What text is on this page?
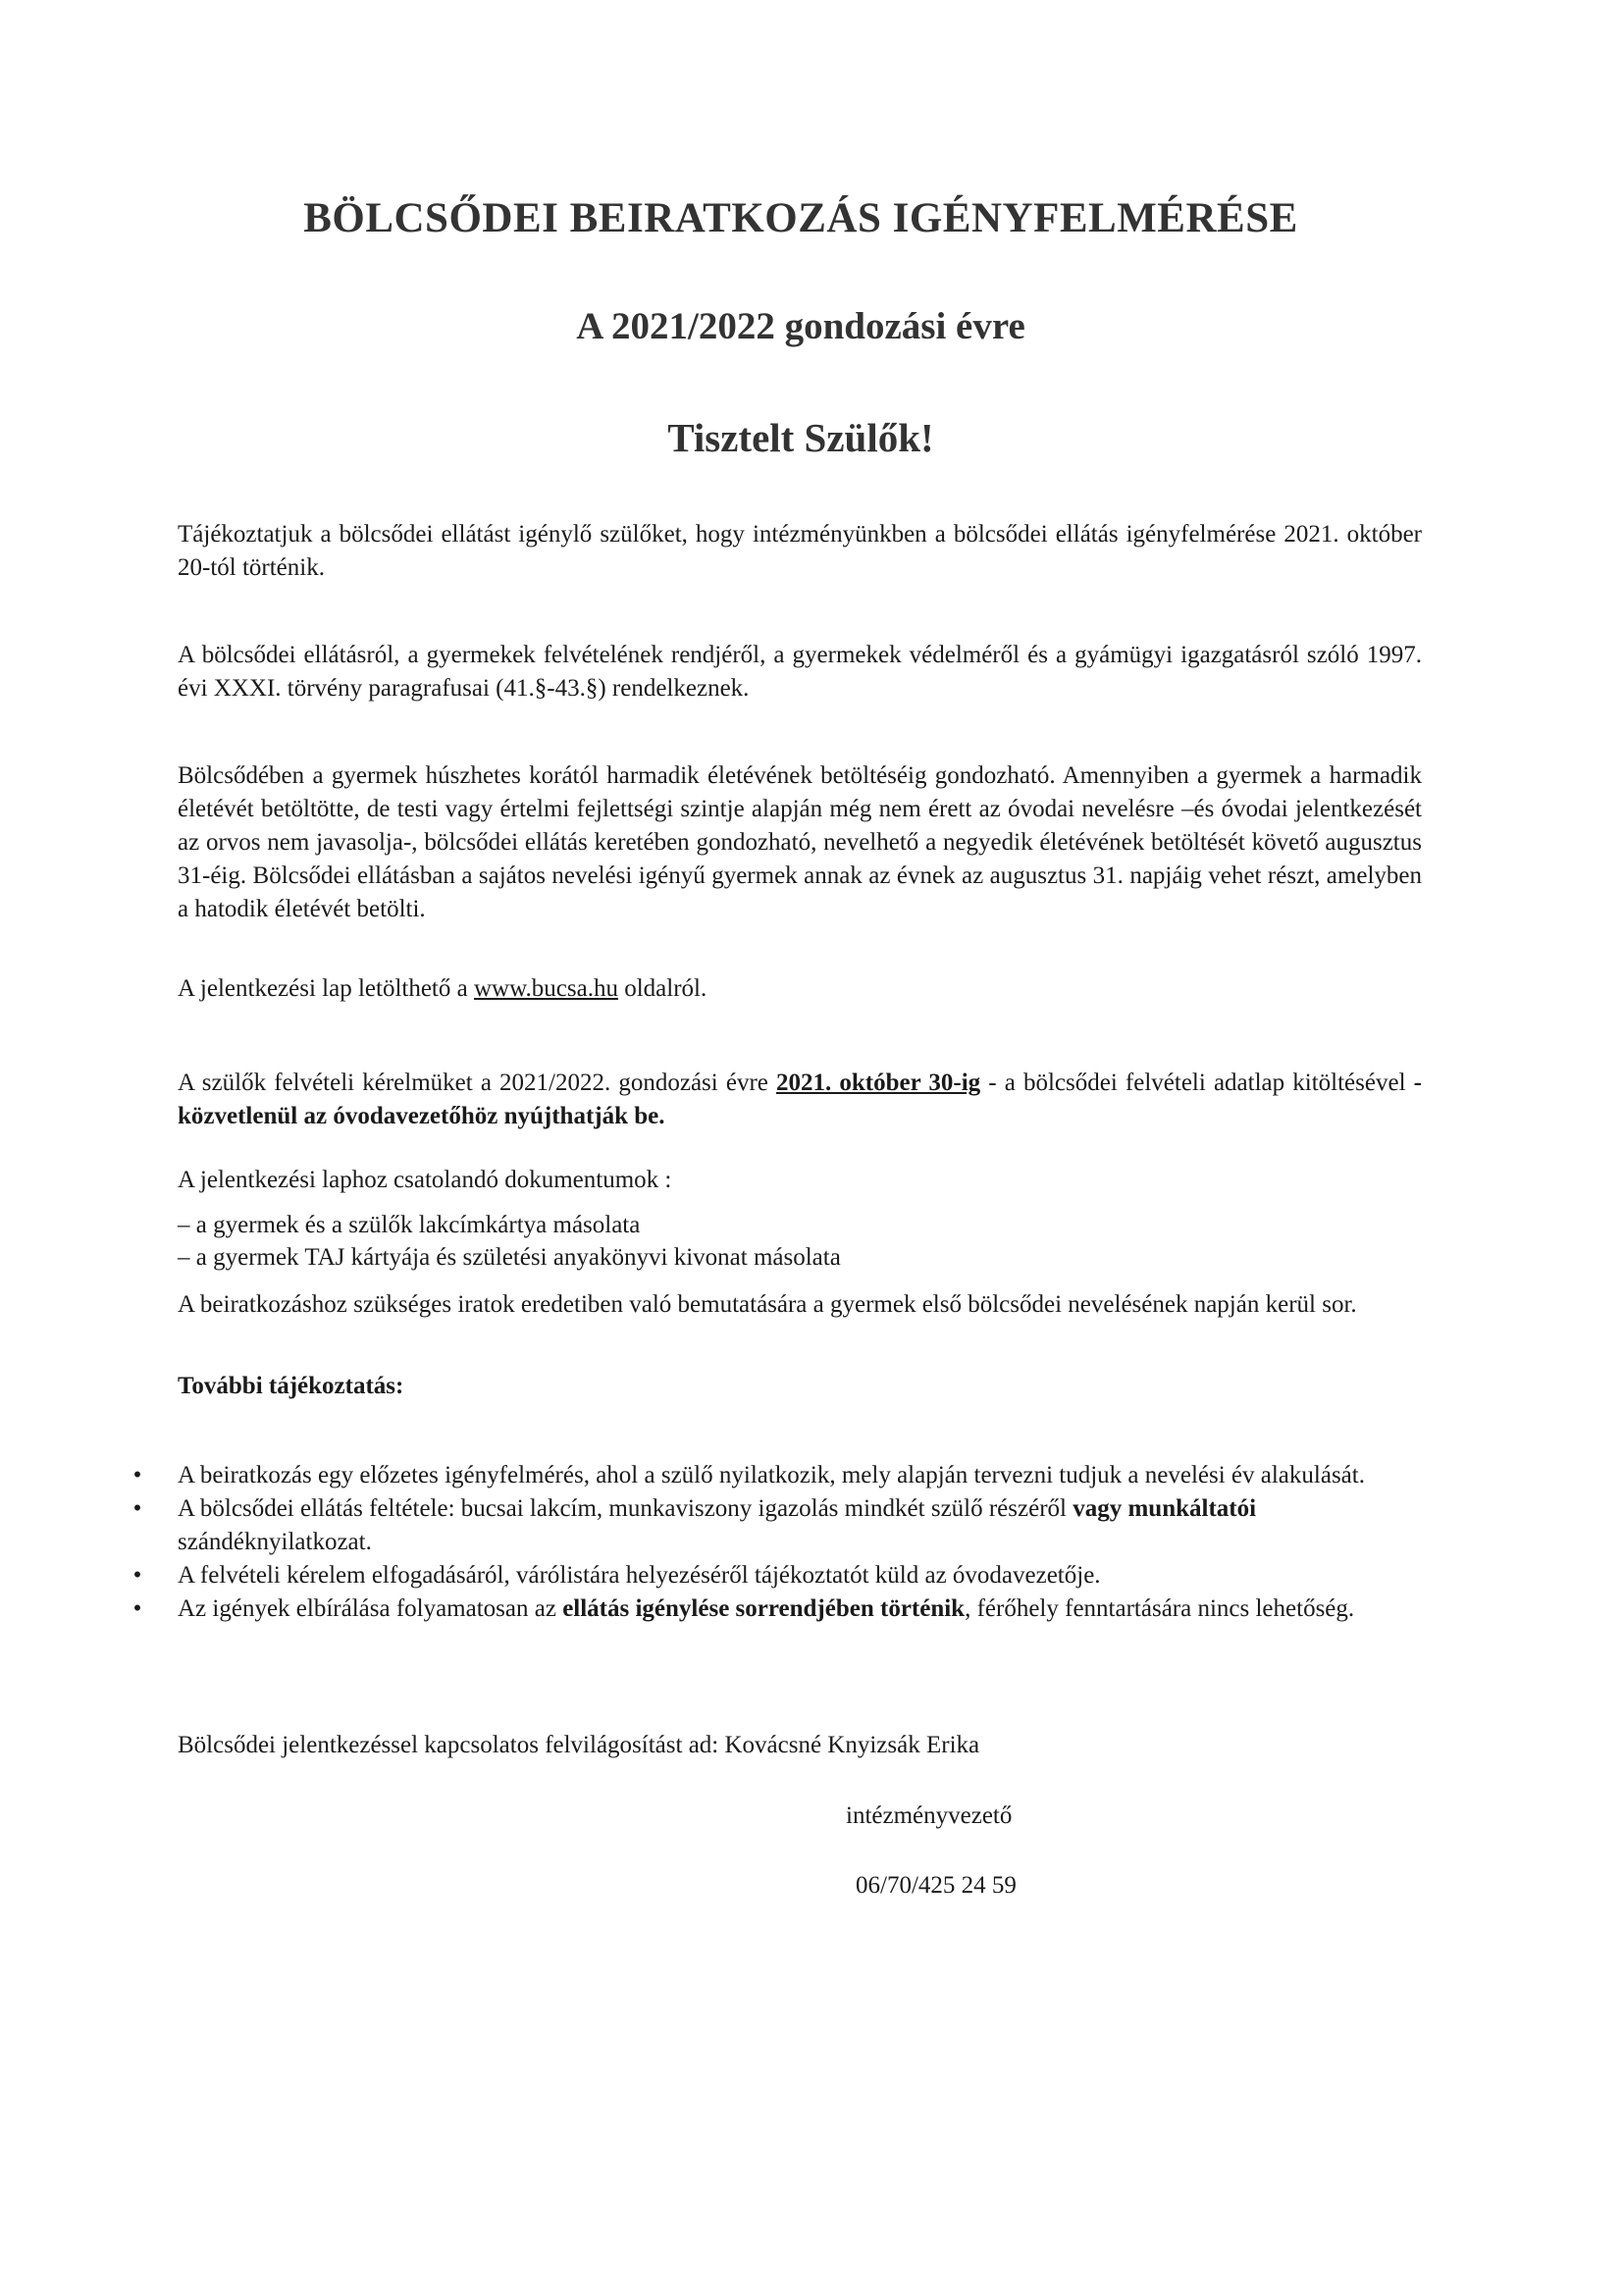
BÖLCSŐDEI BEIRATKOZÁS IGÉNYFELMÉRÉSE
A 2021/2022 gondozási évre
Tisztelt Szülők!

Tájékoztatjuk a bölcsődei ellátást igénylő szülőket, hogy intézményünkben a bölcsődei ellátás igényfelmérése 2021. október 20-tól történik.

A bölcsődei ellátásról, a gyermekek felvételének rendjéről, a gyermekek védelméről és a gyámügyi igazgatásról szóló 1997. évi XXXI. törvény paragrafusai (41.§-43.§) rendelkeznek.

Bölcsődében a gyermek húszhetes korától harmadik életévének betöltéséig gondozható. Amennyiben a gyermek a harmadik életévét betöltötte, de testi vagy értelmi fejlettségi szintje alapján még nem érett az óvodai nevelésre –és óvodai jelentkezését az orvos nem javasolja-, bölcsődei ellátás keretében gondozható, nevelhető a negyedik életévének betöltését követő augusztus 31-éig. Bölcsődei ellátásban a sajátos nevelési igényű gyermek annak az évnek az augusztus 31. napjáig vehet részt, amelyben a hatodik életévét betölti.

A jelentkezési lap letölthető a www.bucsa.hu oldalról.

A szülők felvételi kérelmüket a 2021/2022. gondozási évre 2021. október 30-ig - a bölcsődei felvételi adatlap kitöltésével - közvetlenül az óvodavezetőhöz nyújthatják be.

A jelentkezési laphoz csatolandó dokumentumok :
– a gyermek és a szülők lakcímkártya másolata
– a gyermek TAJ kártyája és születési anyakönyvi kivonat másolata

A beiratkozáshoz szükséges iratok eredetiben való bemutatására a gyermek első bölcsődei nevelésének napján kerül sor.

További tájékoztatás:
• A beiratkozás egy előzetes igényfelmérés, ahol a szülő nyilatkozik, mely alapján tervezni tudjuk a nevelési év alakulását.
• A bölcsődei ellátás feltétele: bucsai lakcím, munkaviszony igazolás mindkét szülő részéről vagy munkáltatói szándéknyilatkozat.
• A felvételi kérelem elfogadásáról, várólistára helyezéséről tájékoztatót küld az óvodavezetője.
• Az igények elbírálása folyamatosan az ellátás igénylése sorrendjében történik, férőhely fenntartására nincs lehetőség.
Bölcsődei jelentkezéssel kapcsolatos felvilágosítást ad: Kovácsné Knyizsák Erika
intézményvezető
06/70/425 24 59
